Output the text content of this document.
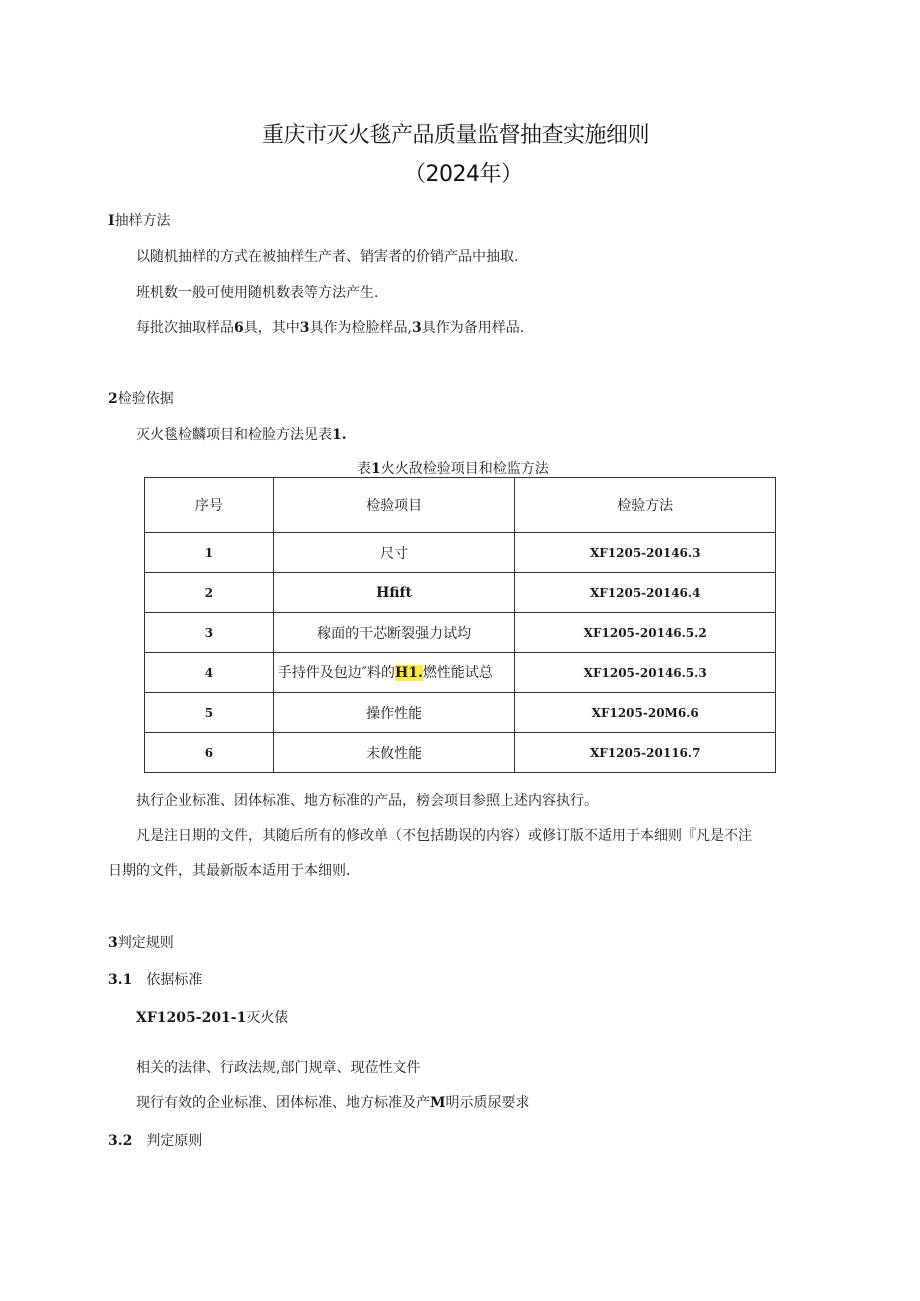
重庆市灭火毯产品质量监督抽查实施细则
（2024年）
I抽样方法
以随机抽样的方式在被抽样生产者、销害者的价销产品中抽取.
班机数一般可使用随机数表等方法产生.
每批次抽取样品6具，其中3具作为检脸样品,3具作为备用样品.
2检验依据
灭火毯检麟项目和检脸方法见表1.
表1火火敌检验项目和检监方法
序号	检验项目	检验方法
1	尺寸	XF1205-20146.3
2	Hfift	XF1205-20146.4
3	稼面的干芯断裂强力试均	XF1205-20146.5.2
4	手持件及包边″料的H1.燃性能试总	XF1205-20146.5.3
5	操作性能	XF1205-20M6.6
6	未攸性能	XF1205-20116.7
执行企业标准、团体标准、地方标准的产品，榜会项目参照上述内容执行。
凡是注日期的文件，其随后所有的修改单（不包括勘误的内容）或修订版不适用于本细则『凡是不注
日期的文件，其最新版本适用于本细则.
3判定规则
3.1 依据标准
XF1205-201-1灭火俵
相关的法律、行政法规,部门规章、现莅性文件
现行有效的企业标准、团体标准、地方标准及产M明示质尿要求
3.2 判定原则
